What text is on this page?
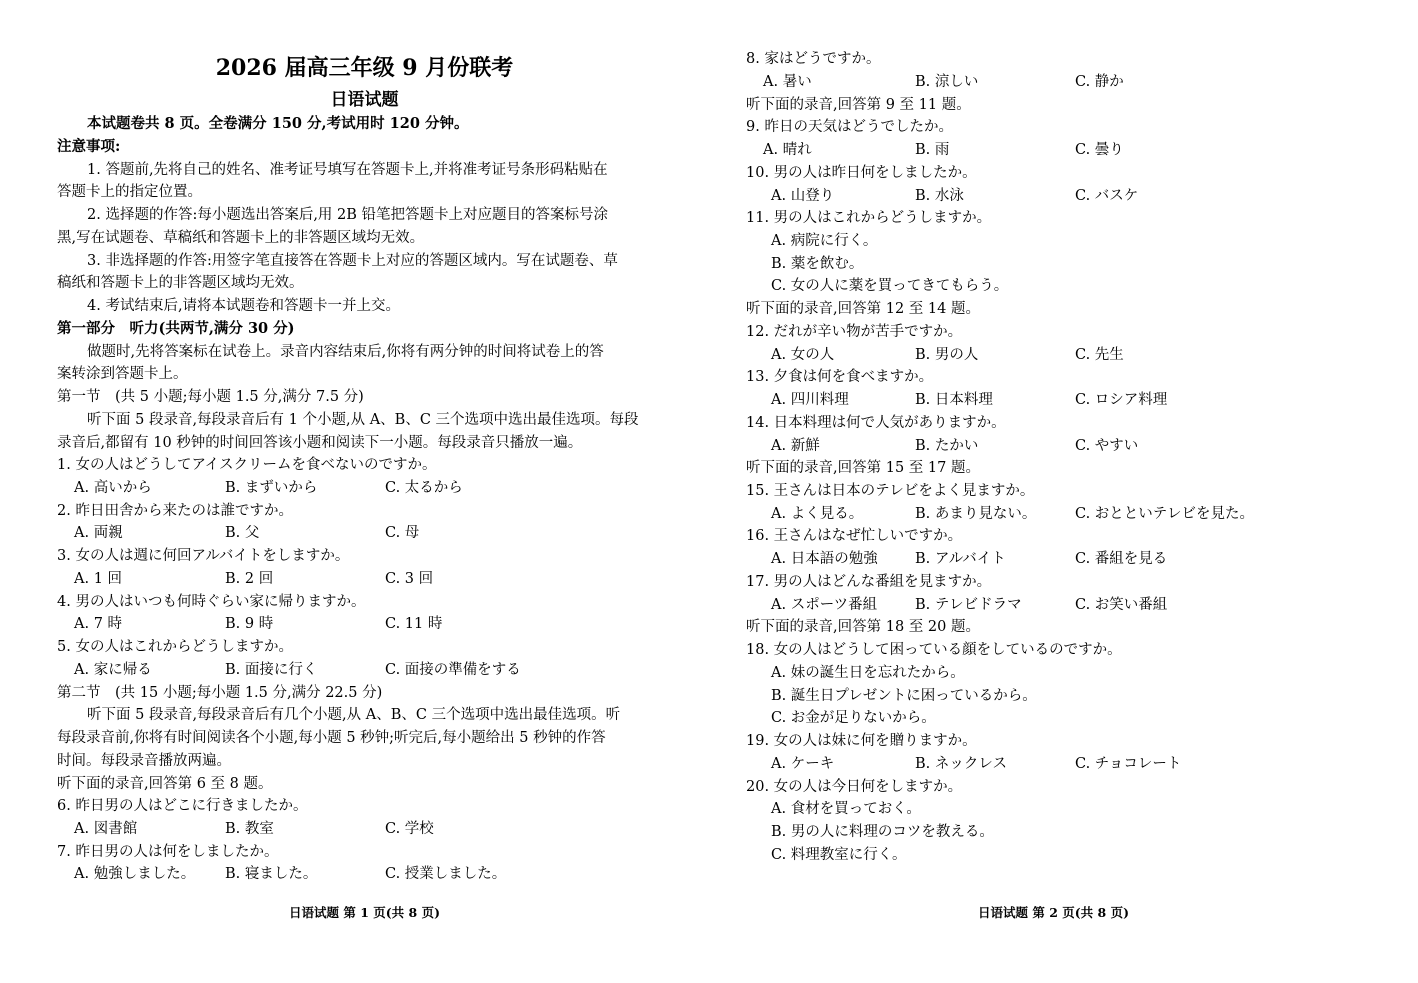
2026 届高三年级 9 月份联考
日语试题
本试题卷共 8 页。全卷满分 150 分,考试用时 120 分钟。
注意事项:
1. 答题前,先将自己的姓名、准考证号填写在答题卡上,并将准考证号条形码粘贴在
答题卡上的指定位置。
2. 选择题的作答:每小题选出答案后,用 2B 铅笔把答题卡上对应题目的答案标号涂
黑,写在试题卷、草稿纸和答题卡上的非答题区域均无效。
3. 非选择题的作答:用签字笔直接答在答题卡上对应的答题区域内。写在试题卷、草
稿纸和答题卡上的非答题区域均无效。
4. 考试结束后,请将本试题卷和答题卡一并上交。
第一部分　听力(共两节,满分 30 分)
做题时,先将答案标在试卷上。录音内容结束后,你将有两分钟的时间将试卷上的答
案转涂到答题卡上。
第一节　(共 5 小题;每小题 1.5 分,满分 7.5 分)
听下面 5 段录音,每段录音后有 1 个小题,从 A、B、C 三个选项中选出最佳选项。每段
录音后,都留有 10 秒钟的时间回答该小题和阅读下一小题。每段录音只播放一遍。
1. 女の人はどうしてアイスクリームを食べないのですか。
A. 高いから	B. まずいから	C. 太るから
2. 昨日田舎から来たのは誰ですか。
A. 両親	B. 父	C. 母
3. 女の人は週に何回アルバイトをしますか。
A. 1 回	B. 2 回	C. 3 回
4. 男の人はいつも何時ぐらい家に帰りますか。
A. 7 時	B. 9 時	C. 11 時
5. 女の人はこれからどうしますか。
A. 家に帰る	B. 面接に行く	C. 面接の準備をする
第二节　(共 15 小题;每小题 1.5 分,满分 22.5 分)
听下面 5 段录音,每段录音后有几个小题,从 A、B、C 三个选项中选出最佳选项。听
每段录音前,你将有时间阅读各个小题,每小题 5 秒钟;听完后,每小题给出 5 秒钟的作答
时间。每段录音播放两遍。
听下面的录音,回答第 6 至 8 题。
6. 昨日男の人はどこに行きましたか。
A. 図書館	B. 教室	C. 学校
7. 昨日男の人は何をしましたか。
A. 勉強しました。 B. 寝ました。	C. 授業しました。
日语试题 第 1 页(共 8 页)
8. 家はどうですか。
A. 暑い	B. 涼しい	C. 静か
听下面的录音,回答第 9 至 11 题。
9. 昨日の天気はどうでしたか。
A. 晴れ	B. 雨	C. 曇り
10. 男の人は昨日何をしましたか。
A. 山登り	B. 水泳	C. バスケ
11. 男の人はこれからどうしますか。
A. 病院に行く。
B. 薬を飲む。
C. 女の人に薬を買ってきてもらう。
听下面的录音,回答第 12 至 14 题。
12. だれが辛い物が苦手ですか。
A. 女の人	B. 男の人	C. 先生
13. 夕食は何を食べますか。
A. 四川料理	B. 日本料理	C. ロシア料理
14. 日本料理は何で人気がありますか。
A. 新鮮	B. たかい	C. やすい
听下面的录音,回答第 15 至 17 题。
15. 王さんは日本のテレビをよく見ますか。
A. よく見る。	B. あまり見ない。	C. おとといテレビを見た。
16. 王さんはなぜ忙しいですか。
A. 日本語の勉強	B. アルバイト	C. 番組を見る
17. 男の人はどんな番組を見ますか。
A. スポーツ番組	B. テレビドラマ	C. お笑い番組
听下面的录音,回答第 18 至 20 题。
18. 女の人はどうして困っている顔をしているのですか。
A. 妹の誕生日を忘れたから。
B. 誕生日プレゼントに困っているから。
C. お金が足りないから。
19. 女の人は妹に何を贈りますか。
A. ケーキ	B. ネックレス	C. チョコレート
20. 女の人は今日何をしますか。
A. 食材を買っておく。
B. 男の人に料理のコツを教える。
C. 料理教室に行く。
日语试题 第 2 页(共 8 页)
